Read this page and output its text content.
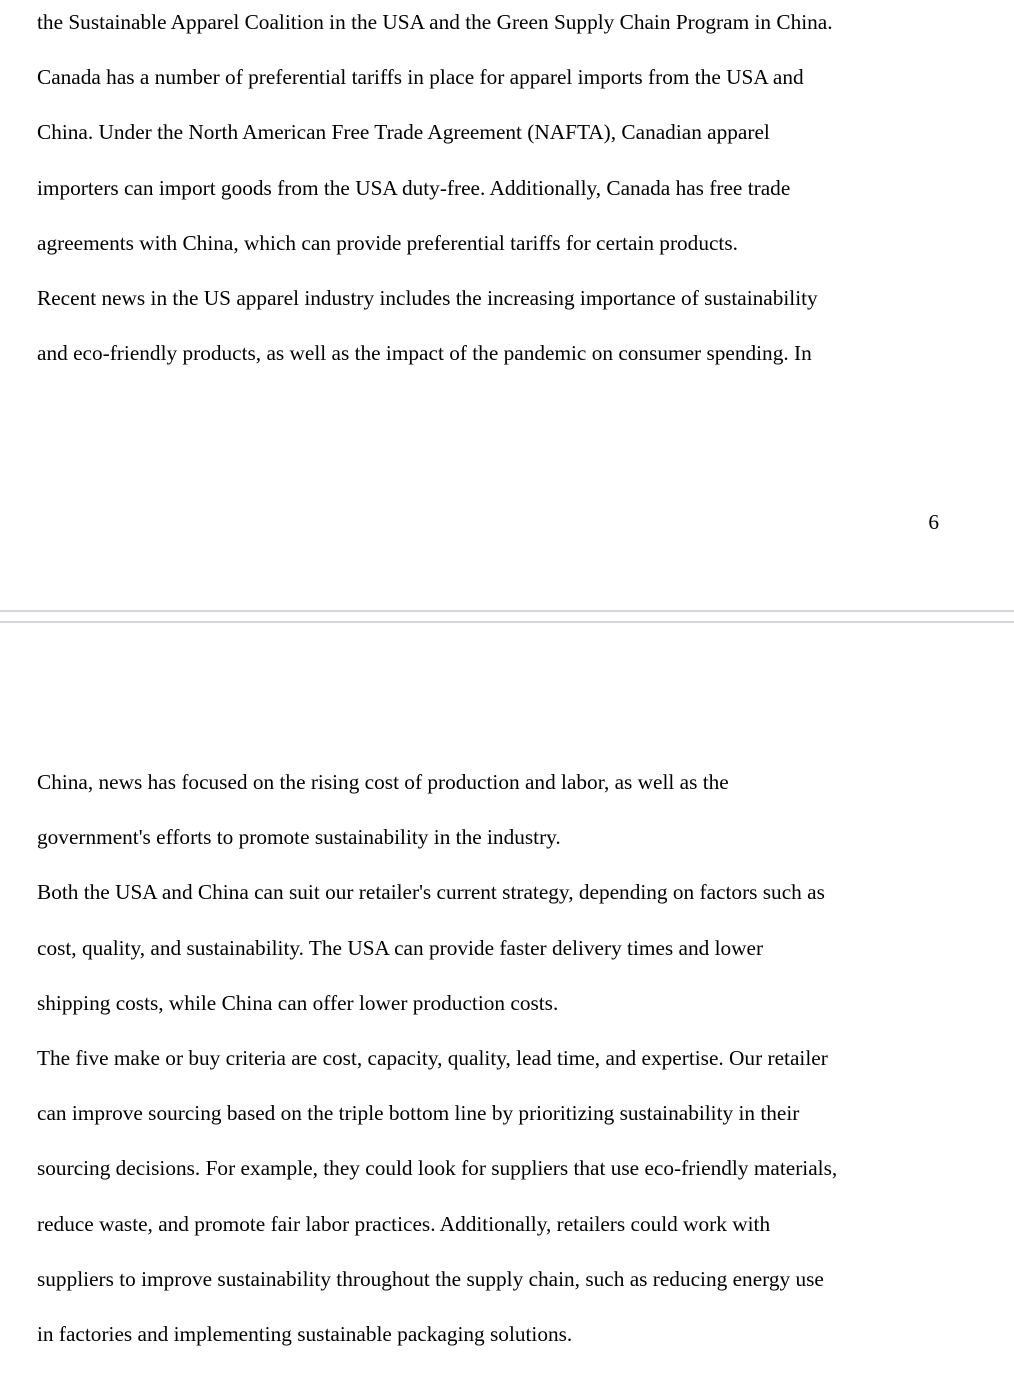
the Sustainable Apparel Coalition in the USA and the Green Supply Chain Program in China.
Canada has a number of preferential tariffs in place for apparel imports from the USA and
China. Under the North American Free Trade Agreement (NAFTA), Canadian apparel
importers can import goods from the USA duty-free. Additionally, Canada has free trade
agreements with China, which can provide preferential tariffs for certain products.
Recent news in the US apparel industry includes the increasing importance of sustainability
and eco-friendly products, as well as the impact of the pandemic on consumer spending. In
6
China, news has focused on the rising cost of production and labor, as well as the
government's efforts to promote sustainability in the industry.
Both the USA and China can suit our retailer's current strategy, depending on factors such as
cost, quality, and sustainability. The USA can provide faster delivery times and lower
shipping costs, while China can offer lower production costs.
The five make or buy criteria are cost, capacity, quality, lead time, and expertise. Our retailer
can improve sourcing based on the triple bottom line by prioritizing sustainability in their
sourcing decisions. For example, they could look for suppliers that use eco-friendly materials,
reduce waste, and promote fair labor practices. Additionally, retailers could work with
suppliers to improve sustainability throughout the supply chain, such as reducing energy use
in factories and implementing sustainable packaging solutions.
